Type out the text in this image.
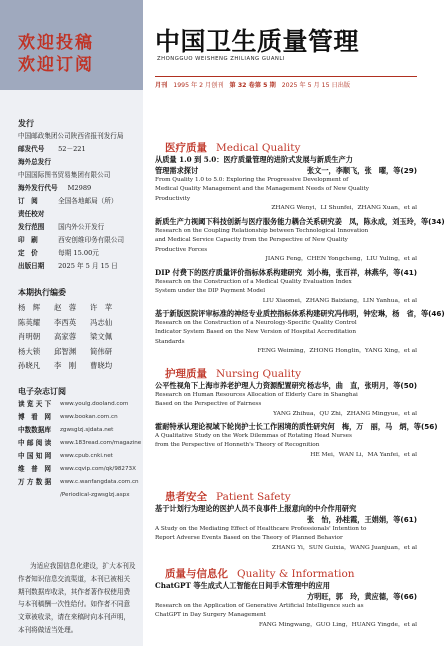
欢迎投稿
欢迎订阅
发行
中国邮政集团公司陕西省报刊发行局
邮发代号 52－221
海外总发行
中国国际图书贸易集团有限公司
海外发行代号 M2989
订　阅	全国各地邮局（所）
责任校对
发行范围 国内外公开发行
印　刷	西安创维印务有限公司
定　价	每期 15.00元
出版日期 2025 年 5 月 15 日
本期执行编委
杨　辉	赵　蓉	许　苹
陈英耀	李西英	冯志仙
肖明朝	高家蓉	梁文佩
杨大锁	邱智渊	简伟研
孙晓凡	李　刚	曹晓均
电子杂志订阅
读 览 天 下	www.youlg.dooland.com
博　看　网	www.bookan.com.cn
中数数据库	zgwsglzj.sjdata.net
中 邮 阅 读	www.183read.com/magazine
中 国 知 网	www.cpub.cnki.net
维　普　网	www.cqvip.com/qk/98273X
万 方 数 据	www.c.wanfangdata.com.cn
/Periodical-zgwsglzj.aspx
为适应我国信息化建设，扩大本刊及作者知识信息交流渠道，本刊已被相关期刊数据库收录，其作者著作权使用费与本刊稿酬一次性给付。如作者不同意文章被收录，请在来稿时向本刊声明，本刊将做适当处理。
中国卫生质量管理
ZHONGGUO WEISHENG ZHILIANG GUANLI
月刊 1995 年 2 月创刊 第 32 卷第 5 期 2025 年 5 月 15 日出版
医疗质量 Medical Quality
从质量 1.0 到 5.0：医疗质量管理的进阶式发展与新质生产力
管理需求探讨	张文一，李顺飞，张　曜，等(29)
From Quality 1.0 to 5.0: Exploring the Progressive Development of
Medical Quality Management and the Management Needs of New Quality
Productivity
ZHANG Wenyi，LI Shunfei，ZHANG Xuan，et al
新质生产力视阈下科技创新与医疗服务能力耦合关系研究 姜　凤，陈永成，刘玉玲，等(34)
Research on the Coupling Relationship between Technological Innovation
and Medical Service Capacity from the Perspective of New Quality
Productive Forces
JIANG Feng，CHEN Yongcheng，LIU Yuling，et al
DIP 付费下的医疗质量评价指标体系构建研究 刘小梅，张百祥，林燕华，等(41)
Research on the Construction of a Medical Quality Evaluation Index
System under the DIP Payment Model
LIU Xiaomei，ZHANG Baixiang，LIN Yanhua，et al
基于新版医院评审标准的神经专业质控指标体系构建研究 冯伟明，钟宏琳，杨　省，等(46)
Research on the Construction of a Neurology-Specific Quality Control
Indicator System Based on the New Version of Hospital Accreditation
Standards
FENG Weiming，ZHONG Honglin，YANG Xing，et al
护理质量 Nursing Quality
公平性视角下上海市养老护理人力资源配置研究 杨志华，曲　直，张明月，等(50)
Research on Human Resources Allocation of Elderly Care in Shanghai
Based on the Perspective of Fairness
YANG Zhihua，QU Zhi，ZHANG Mingyue，et al
霍耐特承认理论视域下轮岗护士长工作困境的质性研究 何　梅，万　丽，马　炳，等(56)
A Qualitative Study on the Work Dilemmas of Rotating Head Nurses
from the Perspective of Honneth's Theory of Recognition
HE Mei，WAN Li，MA Yanfei，et al
患者安全 Patient Safety
基于计划行为理论的医护人员不良事件上报意向的中介作用研究
张　怡，孙桂霞，王娟娟，等(61)
A Study on the Mediating Effect of Healthcare Professionals' Intention to
Report Adverse Events Based on the Theory of Planned Behavior
ZHANG Yi，SUN Guixia，WANG Juanjuan，et al
质量与信息化 Quality & Information
ChatGPT 等生成式人工智能在日间手术管理中的应用
方明旺，郭　玲，黄应德，等(66)
Research on the Application of Generative Artificial Intelligence such as
ChatGPT in Day Surgery Management
FANG Mingwang，GUO Ling，HUANG Yingde，et al
